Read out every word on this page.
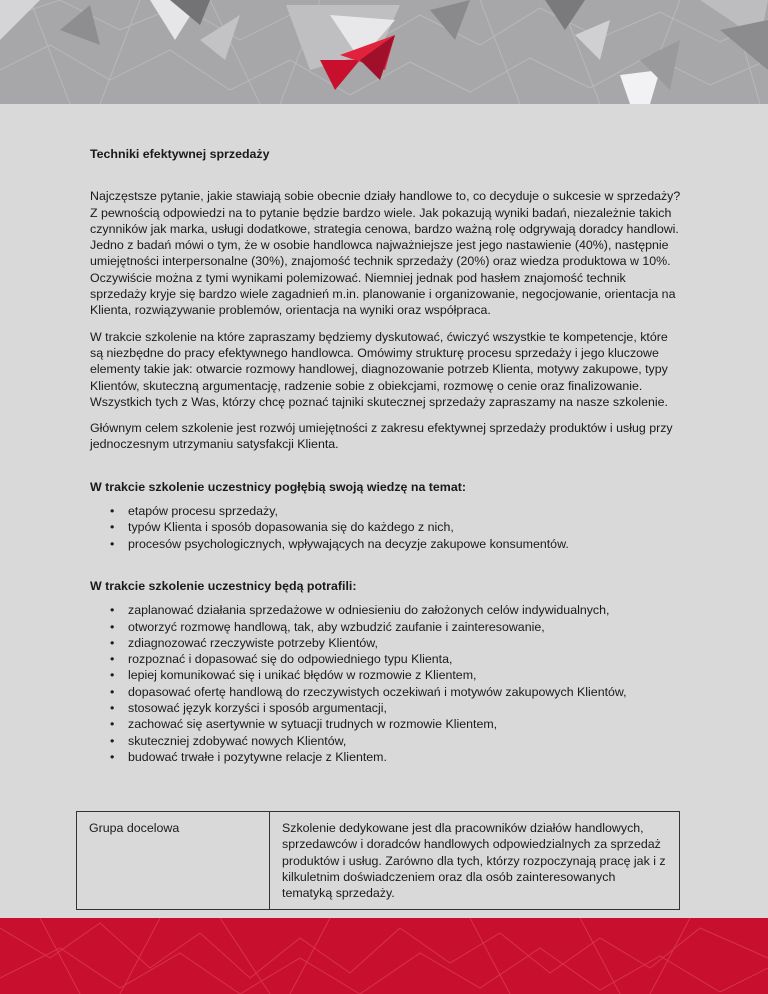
Techniki efektywnej sprzedaży

Najczęstsze pytanie, jakie stawiają sobie obecnie działy handlowe to, co decyduje o sukcesie w sprzedaży? Z pewnością odpowiedzi na to pytanie będzie bardzo wiele. Jak pokazują wyniki badań, niezależnie takich czynników jak marka, usługi dodatkowe, strategia cenowa, bardzo ważną rolę odgrywają doradcy handlowi. Jedno z badań mówi o tym, że w osobie handlowca najważniejsze jest jego nastawienie (40%), następnie umiejętności interpersonalne (30%), znajomość technik sprzedaży (20%) oraz wiedza produktowa w 10%. Oczywiście można z tymi wynikami polemizować. Niemniej jednak pod hasłem znajomość technik sprzedaży kryje się bardzo wiele zagadnień m.in. planowanie i organizowanie, negocjowanie, orientacja na Klienta, rozwiązywanie problemów, orientacja na wyniki oraz współpraca.

W trakcie szkolenie na które zapraszamy będziemy dyskutować, ćwiczyć wszystkie te kompetencje, które są niezbędne do pracy efektywnego handlowca. Omówimy strukturę procesu sprzedaży i jego kluczowe elementy takie jak: otwarcie rozmowy handlowej, diagnozowanie potrzeb Klienta, motywy zakupowe, typy Klientów, skuteczną argumentację, radzenie sobie z obiekcjami, rozmowę o cenie oraz finalizowanie. Wszystkich tych z Was, którzy chcę poznać tajniki skutecznej sprzedaży zapraszamy na nasze szkolenie.

Głównym celem szkolenie jest rozwój umiejętności z zakresu efektywnej sprzedaży produktów i usług przy jednoczesnym utrzymaniu satysfakcji Klienta.

W trakcie szkolenie uczestnicy pogłębią swoją wiedzę na temat:
• etapów procesu sprzedaży,
• typów Klienta i sposób dopasowania się do każdego z nich,
• procesów psychologicznych, wpływających na decyzje zakupowe konsumentów.
W trakcie szkolenie uczestnicy będą potrafili:
• zaplanować działania sprzedażowe w odniesieniu do założonych celów indywidualnych,
• otworzyć rozmowę handlową, tak, aby wzbudzić zaufanie i zainteresowanie,
• zdiagnozować rzeczywiste potrzeby Klientów,
• rozpoznać i dopasować się do odpowiedniego typu Klienta,
• lepiej komunikować się i unikać błędów w rozmowie z Klientem,
• dopasować ofertę handlową do rzeczywistych oczekiwań i motywów zakupowych Klientów,
• stosować język korzyści i sposób argumentacji,
• zachować się asertywnie w sytuacji trudnych w rozmowie Klientem,
• skuteczniej zdobywać nowych Klientów,
• budować trwałe i pozytywne relacje z Klientem.
Grupa docelowa	Szkolenie dedykowane jest dla pracowników działów handlowych, sprzedawców i doradców handlowych odpowiedzialnych za sprzedaż produktów i usług. Zarówno dla tych, którzy rozpoczynają pracę jak i z kilkuletnim doświadczeniem oraz dla osób zainteresowanych tematyką sprzedaży.
